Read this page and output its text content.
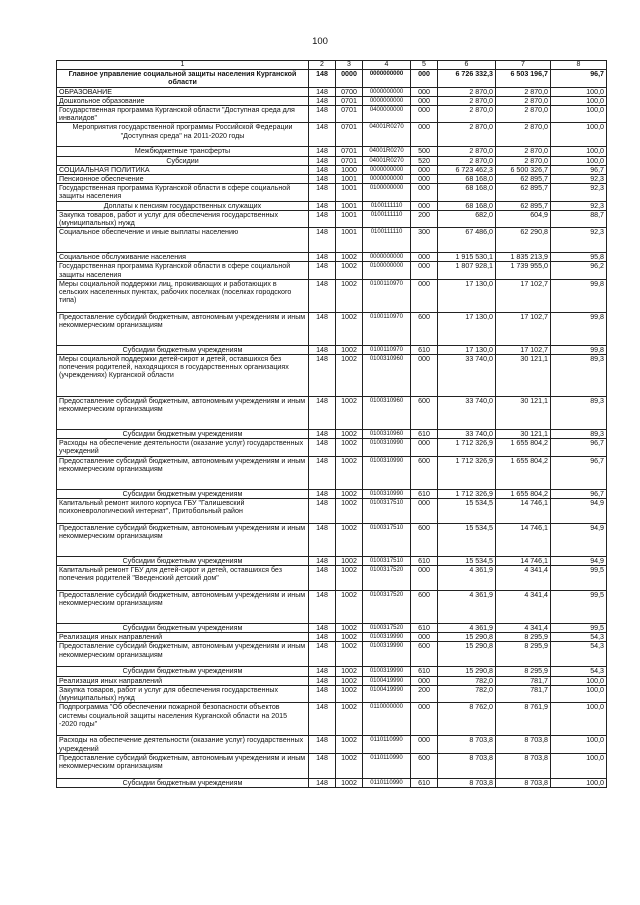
100
1	2	3	4	5	6	7	8
Главное управление социальной защиты населения Курганской области	148	0000	0000000000	000	6 726 332,3	6 503 196,7	96,7
ОБРАЗОВАНИЕ	148	0700	0000000000	000	2 870,0	2 870,0	100,0
Дошкольное образование	148	0701	0000000000	000	2 870,0	2 870,0	100,0
Государственная программа Курганской области "Доступная среда для инвалидов"	148	0701	0400000000	000	2 870,0	2 870,0	100,0
Мероприятия государственной программы Российской Федерации "Доступная среда" на 2011-2020 годы	148	0701	04001R0270	000	2 870,0	2 870,0	100,0
Межбюджетные трансферты	148	0701	04001R0270	500	2 870,0	2 870,0	100,0
Субсидии	148	0701	04001R0270	520	2 870,0	2 870,0	100,0
СОЦИАЛЬНАЯ ПОЛИТИКА	148	1000	0000000000	000	6 723 462,3	6 500 326,7	96,7
Пенсионное обеспечение	148	1001	0000000000	000	68 168,0	62 895,7	92,3
Государственная программа Курганской области в сфере социальной защиты населения	148	1001	0100000000	000	68 168,0	62 895,7	92,3
Доплаты к пенсиям государственных служащих	148	1001	0100111110	000	68 168,0	62 895,7	92,3
Закупка товаров, работ и услуг для обеспечения государственных (муниципальных) нужд	148	1001	0100111110	200	682,0	604,9	88,7
Социальное обеспечение и иные выплаты населению	148	1001	0100111110	300	67 486,0	62 290,8	92,3
Социальное обслуживание населения	148	1002	0000000000	000	1 915 530,1	1 835 213,9	95,8
Государственная программа Курганской области в сфере социальной защиты населения	148	1002	0100000000	000	1 807 928,1	1 739 955,0	96,2
Меры социальной поддержки лиц, проживающих и работающих в сельских населенных пунктах, рабочих поселках (поселках городского типа)	148	1002	0100110970	000	17 130,0	17 102,7	99,8
Предоставление субсидий бюджетным, автономным учреждениям и иным некоммерческим организациям	148	1002	0100110970	600	17 130,0	17 102,7	99,8
Субсидии бюджетным учреждениям	148	1002	0100110970	610	17 130,0	17 102,7	99,8
Меры социальной поддержки детей-сирот и детей, оставшихся без попечения родителей, находящихся в государственных организациях (учреждениях) Курганской области	148	1002	0100310960	000	33 740,0	30 121,1	89,3
Предоставление субсидий бюджетным, автономным учреждениям и иным некоммерческим организациям	148	1002	0100310960	600	33 740,0	30 121,1	89,3
Субсидии бюджетным учреждениям	148	1002	0100310960	610	33 740,0	30 121,1	89,3
Расходы на обеспечение деятельности (оказание услуг) государственных учреждений	148	1002	0100310990	000	1 712 326,9	1 655 804,2	96,7
Предоставление субсидий бюджетным, автономным учреждениям и иным некоммерческим организациям	148	1002	0100310990	600	1 712 326,9	1 655 804,2	96,7
Субсидии бюджетным учреждениям	148	1002	0100310990	610	1 712 326,9	1 655 804,2	96,7
Капитальный ремонт жилого корпуса ГБУ "Галишевский психоневрологический интернат", Притобольный район	148	1002	0100317510	000	15 534,5	14 746,1	94,9
Предоставление субсидий бюджетным, автономным учреждениям и иным некоммерческим организациям	148	1002	0100317510	600	15 534,5	14 746,1	94,9
Субсидии бюджетным учреждениям	148	1002	0100317510	610	15 534,5	14 746,1	94,9
Капитальный ремонт ГБУ для детей-сирот и детей, оставшихся без попечения родителей "Введенский детский дом"	148	1002	0100317520	000	4 361,9	4 341,4	99,5
Предоставление субсидий бюджетным, автономным учреждениям и иным некоммерческим организациям	148	1002	0100317520	600	4 361,9	4 341,4	99,5
Субсидии бюджетным учреждениям	148	1002	0100317520	610	4 361,9	4 341,4	99,5
Реализация иных направлений	148	1002	0100319990	000	15 290,8	8 295,9	54,3
Предоставление субсидий бюджетным, автономным учреждениям и иным некоммерческим организациям	148	1002	0100319990	600	15 290,8	8 295,9	54,3
Субсидии бюджетным учреждениям	148	1002	0100319990	610	15 290,8	8 295,9	54,3
Реализация иных направлений	148	1002	0100419990	000	782,0	781,7	100,0
Закупка товаров, работ и услуг для обеспечения государственных (муниципальных) нужд	148	1002	0100419990	200	782,0	781,7	100,0
Подпрограмма "Об обеспечении пожарной безопасности объектов системы социальной защиты населения Курганской области на 2015 -2020 годы"	148	1002	0110000000	000	8 762,0	8 761,9	100,0
Расходы на обеспечение деятельности (оказание услуг) государственных учреждений	148	1002	0110110990	000	8 703,8	8 703,8	100,0
Предоставление субсидий бюджетным, автономным учреждениям и иным некоммерческим организациям	148	1002	0110110990	600	8 703,8	8 703,8	100,0
Субсидии бюджетным учреждениям	148	1002	0110110990	610	8 703,8	8 703,8	100,0
